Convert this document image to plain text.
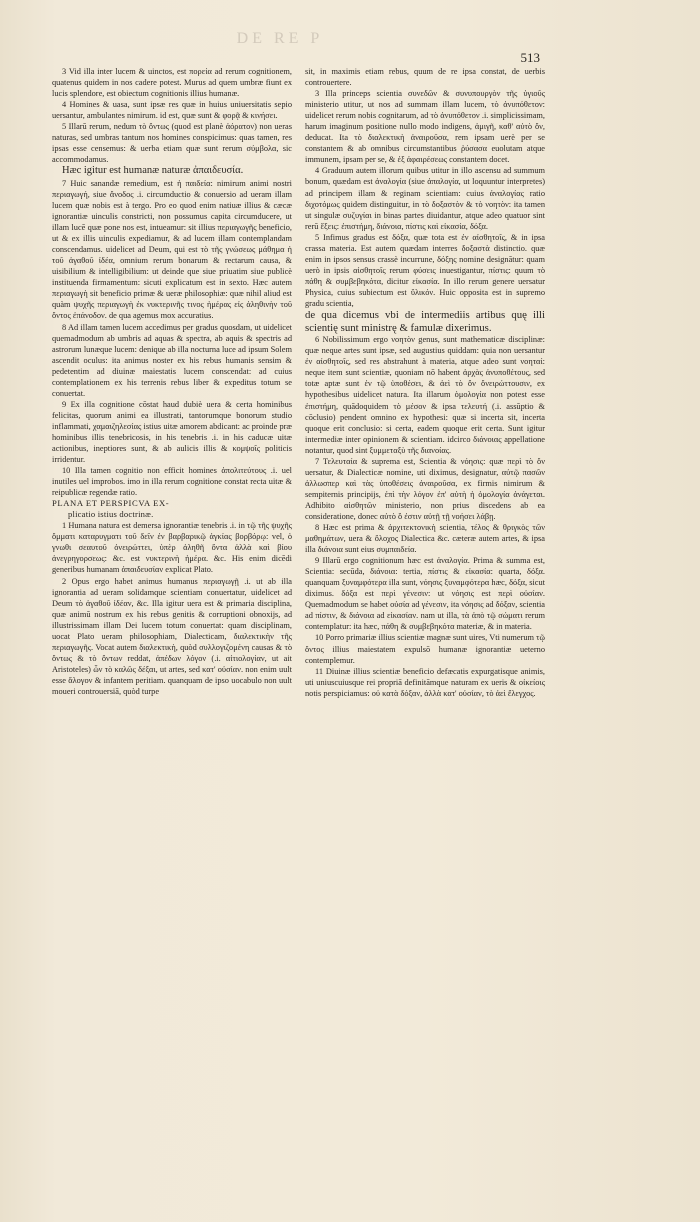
DE RE P
513

3 Vid illa inter lucem & uinctos, est πορεία ad rerum cognitionem, quatenus quidem in nos cadere potest. Murus ad quem umbræ fiunt ex lucis splendore, est obiectum cognitionis illius humanæ.

4 Homines & uasa, sunt ipsæ res quæ in huius uniuersitatis sepio uersantur, ambulantes nimirum. id est, quæ sunt & φορᾷ & κινήσει.

5 Illarū rerum, nedum τὸ ὄντως (quod est planè ἀόρατον) non ueras naturas, sed umbras tantum nos homines conspicimus: quas tamen, res ipsas esse censemus: & uerba etiam quæ sunt rerum σύμβολα, sic accommodamus.

Hæc igitur est humanæ naturæ ἀπαιδευσία.

7 Huic sanandæ remedium, est ἡ παιδεία: nimirum animi nostri περιαγωγή, siue ἄνοδος .i. circumductio & conuersio ad ueram illam lucem quæ nobis est à tergo. Pro eo quod enim natiuæ illius & cæcæ ignorantiæ uinculis constricti, non possumus capita circumducere, ut illam lucē quæ pone nos est, intueamur: sit illius περιαγωγῆς beneficio, ut & ex illis uinculis expediamur, & ad lucem illam contemplandam conscendamus. uidelicet ad Deum, qui est τὸ τῆς γνώσεως μάθημα ἡ τοῦ ἀγαθοῦ ἰδέα, omnium rerum bonarum & rectarum causa, & uisibilium & intelligibilium: ut deinde que siue priuatim siue publicè instituenda firmamentum: sicuti explicatum est in sexto. Hæc autem περιαγωγὴ sit beneficio primæ & ueræ philosophiæ: quæ nihil aliud est quàm ψυχῆς περιαγωγὴ ἐκ νυκτερινῆς τινος ἡμέρας εἰς ἀληθινὴν τοῦ ὄντος ἐπάνοδον. de qua agemus mox accuratius.

8 Ad illam tamen lucem accedimus per gradus quosdam, ut uidelicet quemadmodum ab umbris ad aquas & spectra, ab aquis & spectris ad astrorum lunæque lucem: denique ab illa nocturna luce ad ipsum Solem ascendit oculus: ita animus noster ex his rebus humanis sensim & pedetentim ad diuinæ maiestatis lucem conscendat: ad cuius contemplationem ex his terrenis rebus liber & expeditus totum se conuertat.

9 Ex illa cognitione cōstat haud dubiè uera & certa hominibus felicitas, quorum animi ea illustrati, tantorumque bonorum studio inflammati, χαμαιζηλεσίας istius uitæ amorem abdicant: ac proinde præ hominibus illis tenebricosis, in his tenebris .i. in his caducæ uitæ actionibus, ineptiores sunt, & ab aulicis illis & κομψοῖς politicis irridentur.

10 Illa tamen cognitio non efficit homines ἀπολιτεύτους .i. uel inutiles uel improbos. imo in illa rerum cognitione constat recta uitæ & reipublicæ regendæ ratio.

PLANA ET PERSPICVA EX-
plicatio istius doctrinæ.

1 Humana natura est demersa ignorantiæ tenebris .i. in τῷ τῆς ψυχῆς ὄμματι καταρυγματι τοῦ δεῖν ἐν βαρβαρικῷ ἀγκίας βορβόρῳ: vel, ὁ γνωθι σεαυτοῦ ὀνειρώττει, ὑπὲρ ἀληθῆ ὄντα ἀλλὰ καὶ βίου ἀνεγρηγορσεως: &c. est νυκτερινὴ ἡμέρα. &c. His enim dicēdi generibus humanam ἀπαιδευσίαν explicat Plato.

2 Opus ergo habet animus humanus περιαγωγῇ .i. ut ab illa ignorantia ad ueram solidamque scientiam conuertatur, uidelicet ad Deum τὸ ἀγαθοῦ ἰδέαν, &c. Illa igitur uera est & primaria disciplina, quæ animū nostrum ex his rebus genitis & corruptioni obnoxijs, ad illustrissimam illam Dei lucem totum conuertat: quam disciplinam, uocat Plato ueram philosophiam, Dialecticam, διαλεκτικὴν τῆς περιαγωγῆς. Vocat autem διαλεκτικὴ, quòd συλλογιζομένη causas & τὸ ὄντως & τὸ ὄντων reddat, ἀπέδων λόγον (.i. αἰτιολογίαν, ut ait Aristoteles) ὧν τὸ καλῶς δέξαι, ut artes, sed κατ' οὐσίαν. non enim uult esse ἄλογον & infantem peritiam. quanquam de ipso uocabulo non uult moueri controuersiā, quòd turpe

sit, in maximis etiam rebus, quum de re ipsa constat, de uerbis controuertere.

3 Illa princeps scientia συνεδῶν & συνυπουργὸν τῆς ὑγιοῦς ministerio utitur, ut nos ad summam illam lucem, τὸ ἀνυπόθετον: uidelicet rerum nobis cognitarum, ad τὸ ἀνυπόθετον .i. simplicissimam, harum imaginum positione nullo modo indigens, ἀμιγῆ, καθ' αὐτὸ ὄν, deducat. Ita τὸ διαλεκτικὴ ἀναιροῦσα, rem ipsam uerè per se constantem & ab omnibus circumstantibus ῥύσασα euolutam atque immunem, ipsam per se, & ἐξ ἀφαιρέσεως constantem docet.

4 Graduum autem illorum quibus utitur in illo ascensu ad summum bonum, quædam est ἀναλογία (siue ἀπαλογία, ut loquuntur interpretes) ad principem illam & reginam scientiam: cuius ἀναλογίας ratio διχοτόμως quidem distinguitur, in τὸ δοξαστὸν & τὸ νοητὸν: ita tamen ut singulæ συζυγίαι in binas partes diuidantur, atque adeo quatuor sint rerū ἕξεις: ἐπιστήμη, διάνοια, πίστις καὶ εἰκασία, δόξα.

5 Infimus gradus est δόξα, quæ tota est ἐν αἰσθητοῖς, & in ipsa crassa materia. Est autem quædam interres δοξαστὰ distinctio. quæ enim in ipsos sensus crassè incurrune, δόξης nomine designātur: quam uerò in ipsis αἰσθητοῖς rerum φύσεις inuestigantur, πίστις: quum τὸ πάθη & συμβεβηκότα, dicitur εἰκασία. In illo rerum genere uersatur Physica, cuius subiectum est ὕλικόν. Huic opposita est in supremo gradu scientia,

de qua dicemus vbi de intermediis artibus quę illi scientię sunt ministrę & famulæ dixerimus.

6 Nobilissimum ergo νοητὸν genus, sunt mathematicæ disciplinæ: quæ neque artes sunt ipsæ, sed augustius quiddam: quia non uersantur ἐν αἰσθητοῖς, sed res abstrahunt à materia, atque adeo sunt νοηταί: neque item sunt scientiæ, quoniam nō habent ἀρχὰς ἀνυποθέτους, sed totæ aptæ sunt ἐν τῷ ὑποθέσει, & ἀεὶ τὸ ὄν ὄνειρώττουσιν, ex hypothesibus uidelicet natura. Ita illarum ὁμολογία non potest esse ἐπιστήμη, quādoquidem τὸ μέσον & ipsa τελευτή (.i. assūptio & cōclusio) pendent omnino ex hypothesi: quæ si incerta sit, incerta quoque erit conclusio: si certa, eadem quoque erit certa. Sunt igitur intermediæ inter opinionem & scientiam. idcirco διάνοιας appellatione notantur, quod sint ξυμμεταξὺ τῆς διανοίας.

7 Τελευταία & suprema est, Scientia & νόησις: quæ περὶ τὸ ὄν uersatur, & Dialecticæ nomine, uti diximus, designatur, αὐτῷ πασῶν ἀλλωσπερ καὶ τὰς ὑποθέσεις ἀναιροῦσα, ex firmis nimirum & sempiternis principijs, ἐπὶ τὴν λόγον ἐπ' αὐτὴ ἡ ὁμολογία ἀνάγεται. Adhibito αἰσθητῶν ministerio, non prius discedens ab ea consideratione, donec αὐτὸ ὃ ἐστιν αὐτῇ τῇ νοήσει λάβῃ.

8 Hæc est prima & ἀρχιτεκτονικὴ scientia, τέλος & θριγκὸς τῶν μαθημάτων, uera & ὄλοχος Dialectica &c. cæteræ autem artes, & ipsa illa διάνοια sunt eius συμπαιδεία.

9 Illarū ergo cognitionum hæc est ἀναλογία. Prima & summa est, Scientia: secūda, διάνοια: tertia, πίστις & εἰκασία: quarta, δόξα. quanquam ξυναμφότερα illa sunt, νόησις ξυναμφότερα hæc, δόξα, sicut diximus. δόξα est περὶ γένεσιν: ut νόησις est περὶ οὐσίαν. Quemadmodum se habet οὐσία ad γένεσιν, ita νόησις ad δόξαν, scientia ad πίστιν, & διάνοια ad εἰκασίαν. nam ut illa, τὰ ἀπὸ τῷ σώματι rerum contemplatur: ita hæc, πάθη & συμβεβηκότα materiæ, & in materia.

10 Porro primariæ illius scientiæ magnæ sunt uires, Vti numerum τῷ ὄντος illius maiestatem expulsō humanæ ignorantiæ ueterno contemplemur.

11 Diuinæ illius scientiæ beneficio defæcatis expurgatisque animis, uti uniuscuiusque rei propriā definitāmque naturam ex ueris & οἰκείοις notis perspiciamus: οὐ κατὰ δόξαν, ἀλλὰ κατ' οὐσίαν, τὸ ἀεὶ ἔλεγχος.
